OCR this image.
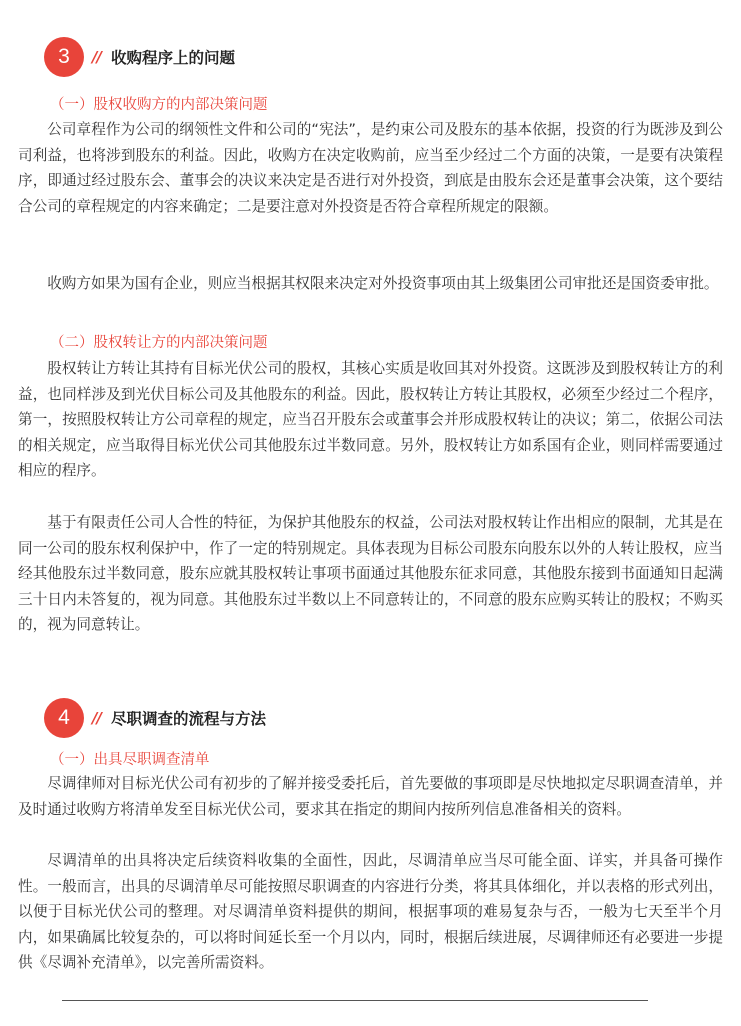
3	// 收购程序上的问题
（一）股权收购方的内部决策问题

公司章程作为公司的纲领性文件和公司的“宪法”，是约束公司及股东的基本依据，投资的行为既涉及到公司利益，也将涉到股东的利益。因此，收购方在决定收购前，应当至少经过二个方面的决策，一是要有决策程序，即通过经过股东会、董事会的决议来决定是否进行对外投资，到底是由股东会还是董事会决策，这个要结合公司的章程规定的内容来确定；二是要注意对外投资是否符合章程所规定的限额。

收购方如果为国有企业，则应当根据其权限来决定对外投资事项由其上级集团公司审批还是国资委审批。

（二）股权转让方的内部决策问题

股权转让方转让其持有目标光伏公司的股权，其核心实质是收回其对外投资。这既涉及到股权转让方的利益，也同样涉及到光伏目标公司及其他股东的利益。因此，股权转让方转让其股权，必须至少经过二个程序，第一，按照股权转让方公司章程的规定，应当召开股东会或董事会并形成股权转让的决议；第二，依据公司法的相关规定，应当取得目标光伏公司其他股东过半数同意。另外，股权转让方如系国有企业，则同样需要通过相应的程序。

基于有限责任公司人合性的特征，为保护其他股东的权益，公司法对股权转让作出相应的限制，尤其是在同一公司的股东权利保护中，作了一定的特别规定。具体表现为目标公司股东向股东以外的人转让股权，应当经其他股东过半数同意，股东应就其股权转让事项书面通过其他股东征求同意，其他股东接到书面通知日起满三十日内未答复的，视为同意。其他股东过半数以上不同意转让的，不同意的股东应购买转让的股权；不购买的，视为同意转让。

4	// 尽职调查的流程与方法
（一）出具尽职调查清单

尽调律师对目标光伏公司有初步的了解并接受委托后，首先要做的事项即是尽快地拟定尽职调查清单，并及时通过收购方将清单发至目标光伏公司，要求其在指定的期间内按所列信息准备相关的资料。

尽调清单的出具将决定后续资料收集的全面性，因此，尽调清单应当尽可能全面、详实，并具备可操作性。一般而言，出具的尽调清单尽可能按照尽职调查的内容进行分类，将其具体细化，并以表格的形式列出，以便于目标光伏公司的整理。对尽调清单资料提供的期间，根据事项的难易复杂与否，一般为七天至半个月内，如果确属比较复杂的，可以将时间延长至一个月以内，同时，根据后续进展，尽调律师还有必要进一步提供《尽调补充清单》，以完善所需资料。
